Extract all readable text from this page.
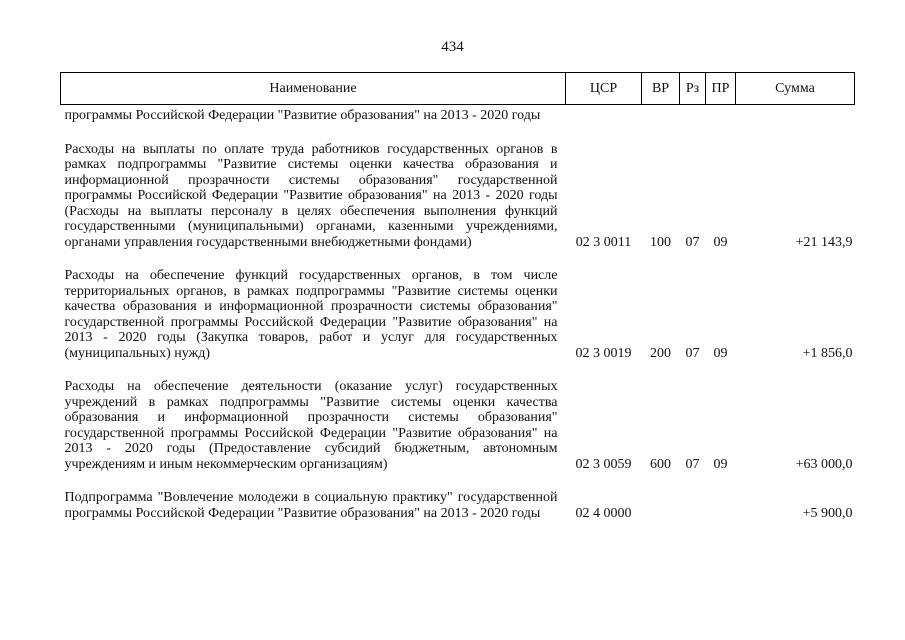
434
Наименование	ЦСР	ВР	Рз	ПР	Сумма
программы Российской Федерации "Развитие образования" на 2013 - 2020 годы					

Расходы на выплаты по оплате труда работников государственных органов в рамках подпрограммы "Развитие системы оценки качества образования и информационной прозрачности системы образования" государственной программы Российской Федерации "Развитие образования" на 2013 - 2020 годы (Расходы на выплаты персоналу в целях обеспечения выполнения функций государственными (муниципальными) органами, казенными учреждениями, органами управления государственными внебюджетными фондами)	02 3 0011	100	07	09	+21 143,9

Расходы на обеспечение функций государственных органов, в том числе территориальных органов, в рамках подпрограммы "Развитие системы оценки качества образования и информационной прозрачности системы образования" государственной программы Российской Федерации "Развитие образования" на 2013 - 2020 годы (Закупка товаров, работ и услуг для государственных (муниципальных) нужд)	02 3 0019	200	07	09	+1 856,0

Расходы на обеспечение деятельности (оказание услуг) государственных учреждений в рамках подпрограммы "Развитие системы оценки качества образования и информационной прозрачности системы образования" государственной программы Российской Федерации "Развитие образования" на 2013 - 2020 годы (Предоставление субсидий бюджетным, автономным учреждениям и иным некоммерческим организациям)	02 3 0059	600	07	09	+63 000,0

Подпрограмма "Вовлечение молодежи в социальную практику" государственной программы Российской Федерации "Развитие образования" на 2013 - 2020 годы	02 4 0000				+5 900,0
